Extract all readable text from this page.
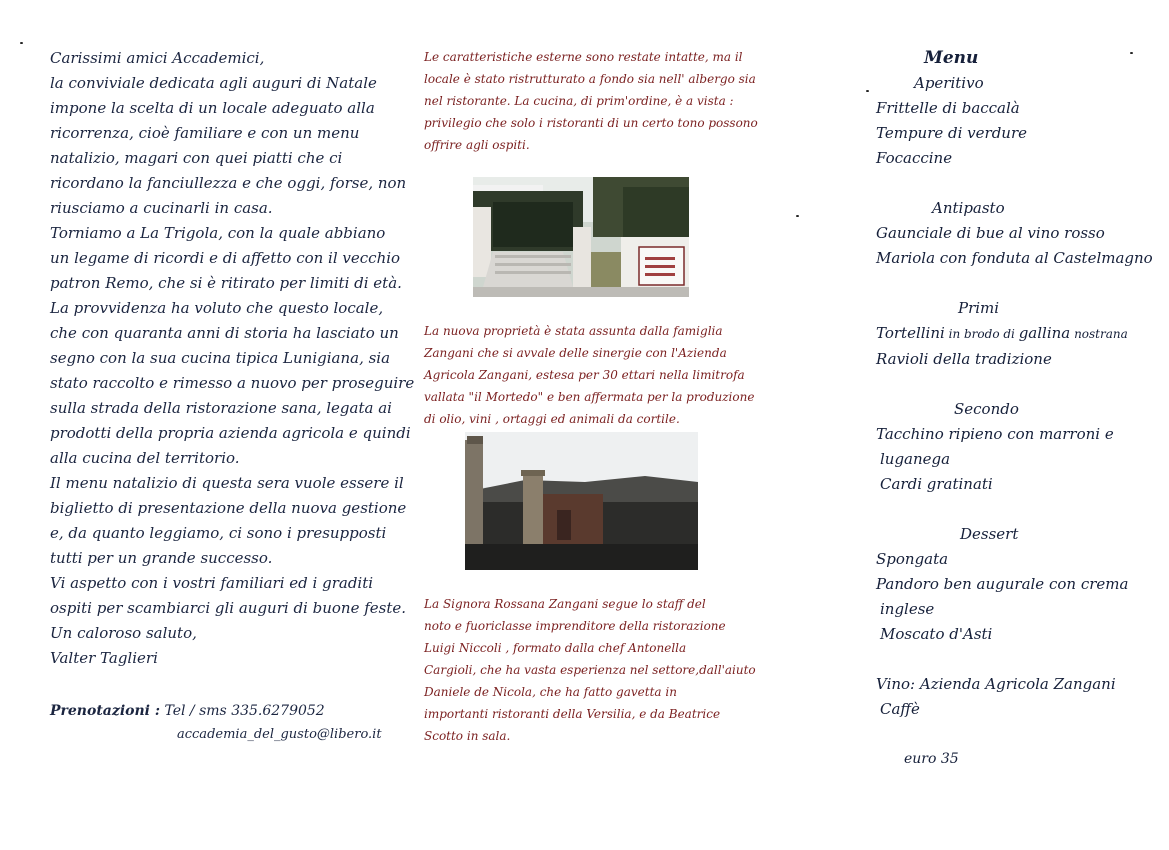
Carissimi amici Accademici,
la conviviale dedicata agli auguri di Natale
impone la scelta di un locale adeguato alla
ricorrenza, cioè familiare e con un menu
natalizio, magari con quei piatti che ci
ricordano la fanciullezza e che oggi, forse, non
riusciamo a cucinarli in casa.
Torniamo a La Trigola, con la quale abbiano
un legame di ricordi e di affetto con il vecchio
patron Remo, che si è ritirato per limiti di età.
La provvidenza ha voluto che questo locale,
che con quaranta anni di storia ha lasciato un
segno con la sua cucina tipica Lunigiana, sia
stato raccolto e rimesso a nuovo per proseguire
sulla strada della ristorazione sana, legata ai
prodotti della propria azienda agricola e quindi
alla cucina del territorio.
Il menu natalizio di questa sera vuole essere il
biglietto di presentazione della nuova gestione
e, da quanto leggiamo, ci sono i presupposti
tutti per un grande successo.
Vi aspetto con i vostri familiari ed i graditi
ospiti per scambiarci gli auguri di buone feste.
Un caloroso saluto,
Valter Taglieri
Prenotazioni : Tel / sms 335.6279052
accademia_del_gusto@libero.it
Le caratteristiche esterne sono restate intatte, ma il
locale è stato ristrutturato a fondo sia nell' albergo sia
nel ristorante. La cucina, di prim'ordine, è a vista :
privilegio che solo i ristoranti di un certo tono possono
offrire agli ospiti.
La nuova proprietà è stata assunta dalla famiglia
Zangani che si avvale delle sinergie con l'Azienda
Agricola Zangani, estesa per 30 ettari nella limitrofa
vallata "il Mortedo" e ben affermata per la produzione
di olio, vini , ortaggi ed animali da cortile.
La Signora Rossana Zangani segue lo staff del
noto e fuoriclasse imprenditore della ristorazione
Luigi Niccoli , formato dalla chef Antonella
Cargioli, che ha vasta esperienza nel settore,dall'aiuto
Daniele de Nicola, che ha fatto gavetta in
importanti ristoranti della Versilia, e da Beatrice
Scotto in sala.
Menu
Aperitivo
Frittelle di baccalà
Tempure di verdure
Focaccine
Antipasto
Gaunciale di bue al vino rosso
Mariola con fonduta al Castelmagno
Primi
Tortellini in brodo di gallina nostrana
Ravioli della tradizione
Secondo
Tacchino ripieno con marroni e
luganega
Cardi gratinati
Dessert
Spongata
Pandoro ben augurale con crema
inglese
Moscato d'Asti
Vino: Azienda Agricola Zangani
Caffè
euro 35
